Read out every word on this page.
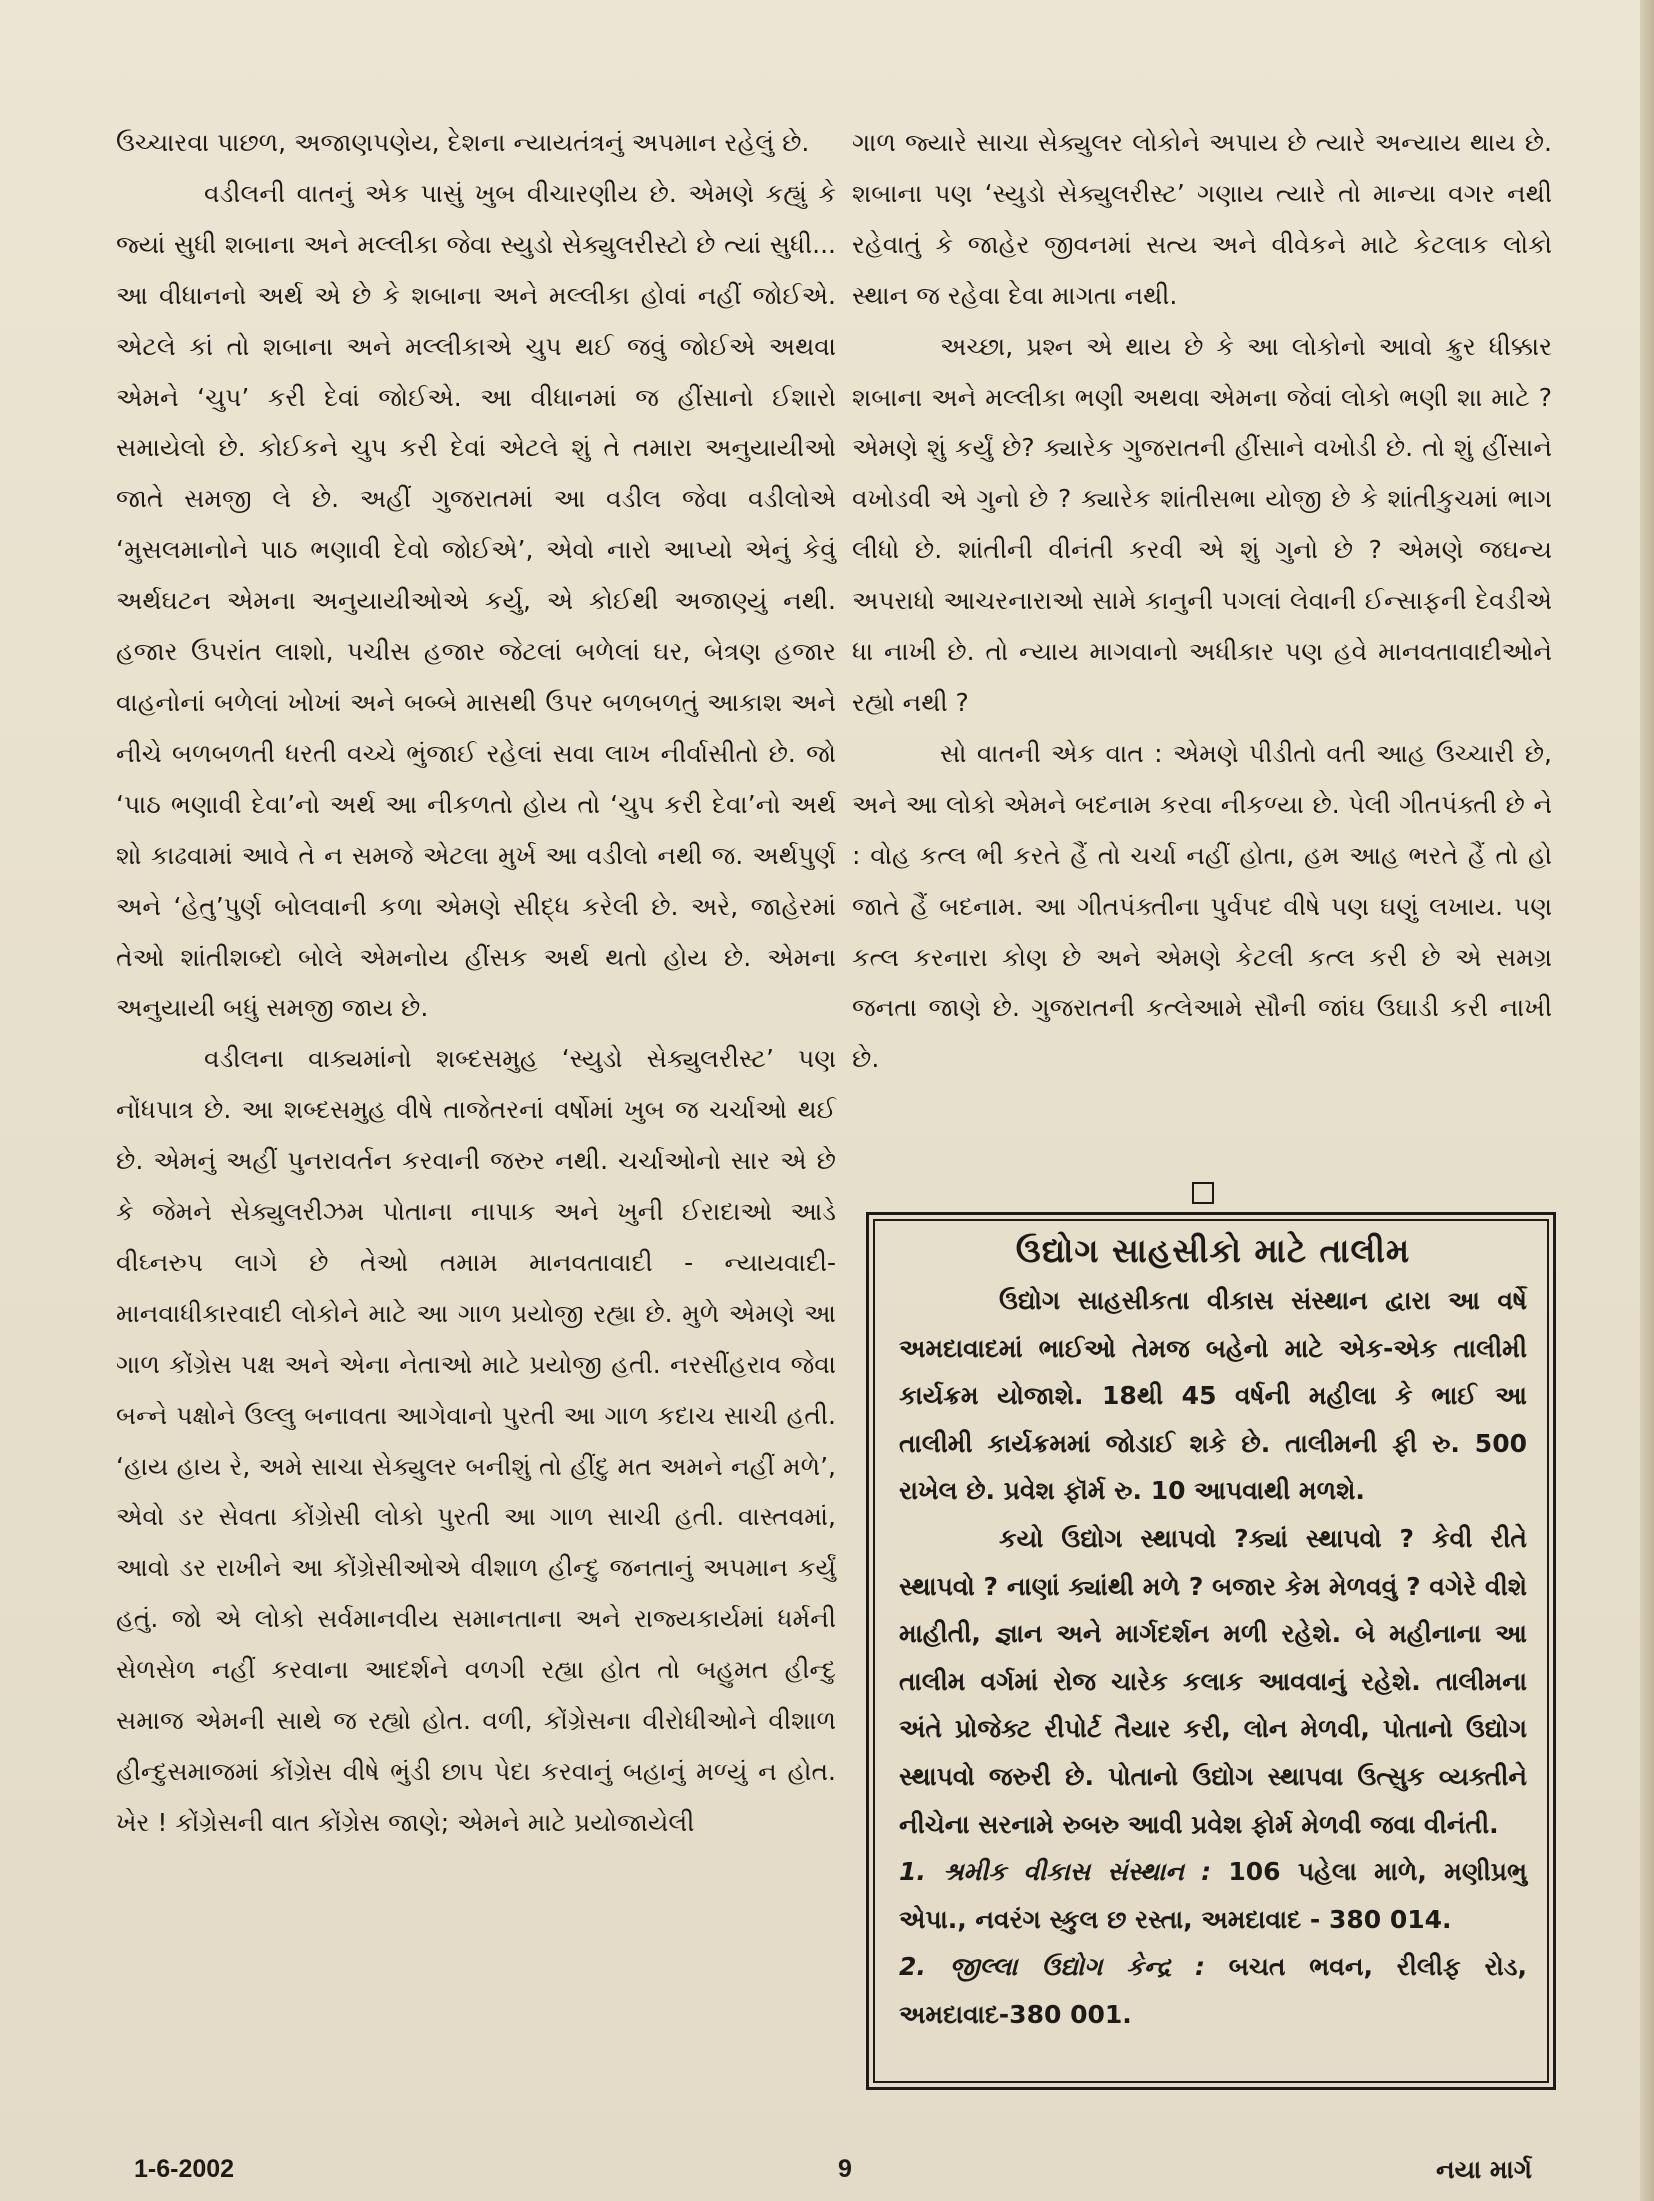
ઉચ્ચારવા પાછળ, અજાણપણેય, દેશના ન્યાયતંત્રનું અપમાન રહેલું છે.

વડીલની વાતનું એક પાસું ખુબ વીચારણીય છે. એમણે કહ્યું કે જ્યાં સુધી શબાના અને મલ્લીકા જેવા સ્યુડો સેક્યુલરીસ્ટો છે ત્યાં સુધી... આ વીધાનનો અર્થ એ છે કે શબાના અને મલ્લીકા હોવાં નહીં જોઈએ. એટલે કાં તો શબાના અને મલ્લીકાએ ચુપ થઈ જવું જોઈએ અથવા એમને ‘ચુપ’ કરી દેવાં જોઈએ. આ વીધાનમાં જ હીંસાનો ઈશારો સમાયેલો છે. કોઈકને ચુપ કરી દેવાં એટલે શું તે તમારા અનુયાયીઓ જાતે સમજી લે છે. અહીં ગુજરાતમાં આ વડીલ જેવા વડીલોએ ‘મુસલમાનોને પાઠ ભણાવી દેવો જોઈએ’, એવો નારો આપ્યો એનું કેવું અર્થઘટન એમના અનુયાયીઓએ કર્યુ, એ કોઈથી અજાણ્યું નથી. હજાર ઉપરાંત લાશો, પચીસ હજાર જેટલાં બળેલાં ઘર, બેત્રણ હજાર વાહનોનાં બળેલાં ખોખાં અને બબ્બે માસથી ઉપર બળબળતું આકાશ અને નીચે બળબળતી ધરતી વચ્ચે ભુંજાઈ રહેલાં સવા લાખ નીર્વાસીતો છે. જો ‘પાઠ ભણાવી દેવા’નો અર્થ આ નીકળતો હોય તો ‘ચુપ કરી દેવા’નો અર્થ શો કાઢવામાં આવે તે ન સમજે એટલા મુર્ખ આ વડીલો નથી જ. અર્થપુર્ણ અને ‘હેતુ’પુર્ણ બોલવાની કળા એમણે સીદ્ધ કરેલી છે. અરે, જાહેરમાં તેઓ શાંતીશબ્દો બોલે એમનોય હીંસક અર્થ થતો હોય છે. એમના અનુયાયી બધું સમજી જાય છે.

વડીલના વાક્યમાંનો શબ્દસમુહ ‘સ્યુડો સેક્યુલરીસ્ટ’ પણ નોંધપાત્ર છે. આ શબ્દસમુહ વીષે તાજેતરનાં વર્ષોમાં ખુબ જ ચર્ચાઓ થઈ છે. એમનું અહીં પુનરાવર્તન કરવાની જરુર નથી. ચર્ચાઓનો સાર એ છે કે જેમને સેક્યુલરીઝમ પોતાના નાપાક અને ખુની ઈરાદાઓ આડે વીઘ્નરુપ લાગે છે તેઓ તમામ માનવતાવાદી - ન્યાયવાદી- માનવાધીકારવાદી લોકોને માટે આ ગાળ પ્રયોજી રહ્યા છે. મુળે એમણે આ ગાળ કોંગ્રેસ પક્ષ અને એના નેતાઓ માટે પ્રયોજી હતી. નરસીંહરાવ જેવા બન્ને પક્ષોને ઉલ્લુ બનાવતા આગેવાનો પુરતી આ ગાળ કદાચ સાચી હતી. ‘હાય હાય રે, અમે સાચા સેક્યુલર બનીશું તો હીંદુ મત અમને નહીં મળે’, એવો ડર સેવતા કોંગ્રેસી લોકો પુરતી આ ગાળ સાચી હતી. વાસ્તવમાં, આવો ડર રાખીને આ કોંગ્રેસીઓએ વીશાળ હીન્દુ જનતાનું અપમાન કર્યું હતું. જો એ લોકો સર્વમાનવીય સમાનતાના અને રાજ્યકાર્યમાં ધર્મની સેળસેળ નહીં કરવાના આદર્શને વળગી રહ્યા હોત તો બહુમત હીન્દુ સમાજ એમની સાથે જ રહ્યો હોત. વળી, કોંગ્રેસના વીરોધીઓને વીશાળ હીન્દુસમાજમાં કોંગ્રેસ વીષે ભુંડી છાપ પેદા કરવાનું બહાનું મળ્યું ન હોત. ખેર ! કોંગ્રેસની વાત કોંગ્રેસ જાણે; એમને માટે પ્રયોજાયેલી

ગાળ જ્યારે સાચા સેક્યુલર લોકોને અપાય છે ત્યારે અન્યાય થાય છે. શબાના પણ ‘સ્યુડો સેક્યુલરીસ્ટ’ ગણાય ત્યારે તો માન્યા વગર નથી રહેવાતું કે જાહેર જીવનમાં સત્ય અને વીવેકને માટે કેટલાક લોકો સ્થાન જ રહેવા દેવા માગતા નથી.

અચ્છા, પ્રશ્ન એ થાય છે કે આ લોકોનો આવો ક્રુર ધીક્કાર શબાના અને મલ્લીકા ભણી અથવા એમના જેવાં લોકો ભણી શા માટે ? એમણે શું કર્યું છે? ક્યારેક ગુજરાતની હીંસાને વખોડી છે. તો શું હીંસાને વખોડવી એ ગુનો છે ? ક્યારેક શાંતીસભા યોજી છે કે શાંતીકુચમાં ભાગ લીધો છે. શાંતીની વીનંતી કરવી એ શું ગુનો છે ? એમણે જઘન્ય અપરાધો આચરનારાઓ સામે કાનુની પગલાં લેવાની ઈન્સાફની દેવડીએ ધા નાખી છે. તો ન્યાય માગવાનો અધીકાર પણ હવે માનવતાવાદીઓને રહ્યો નથી ?

સો વાતની એક વાત : એમણે પીડીતો વતી આહ ઉચ્ચારી છે, અને આ લોકો એમને બદનામ કરવા નીકળ્યા છે. પેલી ગીતપંક્તી છે ને : વોહ કત્લ ભી કરતે હૈં તો ચર્ચા નહીં હોતા, હમ આહ ભરતે હૈં તો હો જાતે હૈં બદનામ. આ ગીતપંક્તીના પુર્વપદ વીષે પણ ઘણું લખાય. પણ કત્લ કરનારા કોણ છે અને એમણે કેટલી કત્લ કરી છે એ સમગ્ર જનતા જાણે છે. ગુજરાતની કત્લેઆમે સૌની જાંઘ ઉઘાડી કરી નાખી છે.

ઉદ્યોગ સાહસીકો માટે તાલીમ

ઉદ્યોગ સાહસીકતા વીકાસ સંસ્થાન દ્વારા આ વર્ષે અમદાવાદમાં ભાઈઓ તેમજ બહેનો માટે એક-એક તાલીમી કાર્યક્રમ યોજાશે. 18થી 45 વર્ષની મહીલા કે ભાઈ આ તાલીમી કાર્યક્રમમાં જોડાઈ શકે છે. તાલીમની ફી રુ. 500 રાખેલ છે. પ્રવેશ ફૉર્મ રુ. 10 આપવાથી મળશે.

કયો ઉદ્યોગ સ્થાપવો ?ક્યાં સ્થાપવો ? કેવી રીતે સ્થાપવો ? નાણાં ક્યાંથી મળે ? બજાર કેમ મેળવવું ? વગેરે વીશે માહીતી, જ્ઞાન અને માર્ગદર્શન મળી રહેશે. બે મહીનાના આ તાલીમ વર્ગમાં રોજ ચારેક કલાક આવવાનું રહેશે. તાલીમના અંતે પ્રોજેક્ટ રીપોર્ટ તૈયાર કરી, લોન મેળવી, પોતાનો ઉદ્યોગ સ્થાપવો જરુરી છે. પોતાનો ઉદ્યોગ સ્થાપવા ઉત્સુક વ્યક્તીને નીચેના સરનામે રુબરુ આવી પ્રવેશ ફોર્મ મેળવી જવા વીનંતી.

1. શ્રમીક વીકાસ સંસ્થાન : 106 પહેલા માળે, મણીપ્રભુ એપા., નવરંગ સ્કુલ છ રસ્તા, અમદાવાદ - 380 014.

2. જીલ્લા ઉદ્યોગ કેન્દ્ર : બચત ભવન, રીલીફ રોડ, અમદાવાદ-380 001.

1-6-2002	9	નયા માર્ગ
